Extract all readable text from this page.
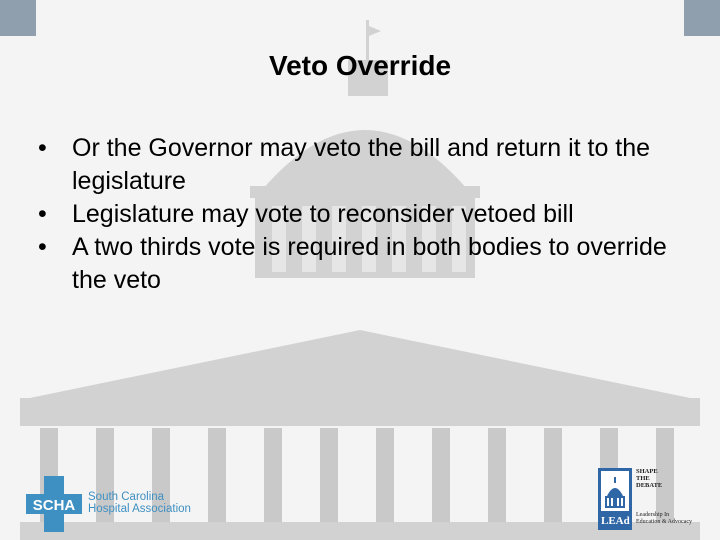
Veto Override
• Or the Governor may veto the bill and return it to the legislature
• Legislature may vote to reconsider vetoed bill
• A two thirds vote is required in both bodies to override the veto
SCHA South Carolina
Hospital Association
LEAd
SHAPE
THE
DEBATE
Leadership In
Education & Advocacy
